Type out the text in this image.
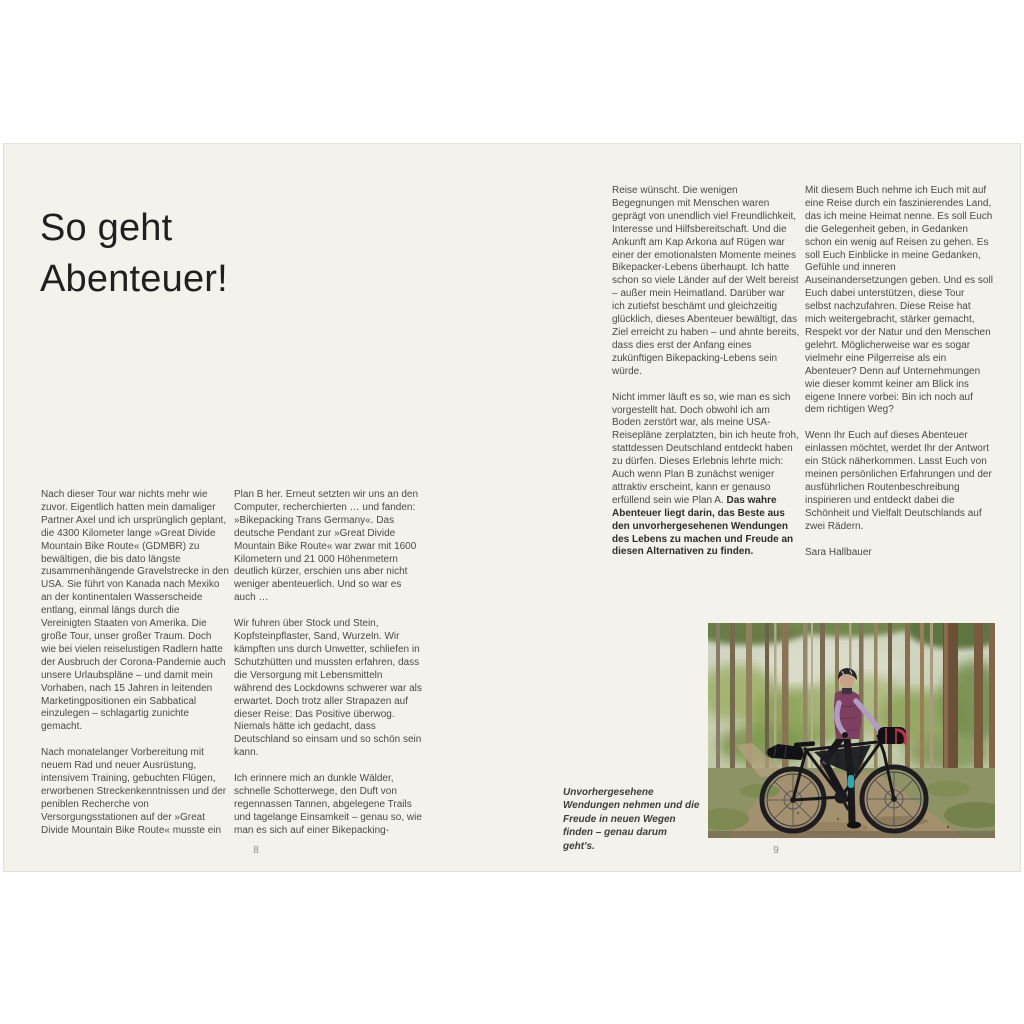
So geht Abenteuer!

Nach dieser Tour war nichts mehr wie zuvor. Eigentlich hatten mein damaliger Partner Axel und ich ursprünglich geplant, die 4300 Kilometer lange »Great Divide Mountain Bike Route« (GDMBR) zu bewältigen, die bis dato längste zusammenhängende Gravelstrecke in den USA. Sie führt von Kanada nach Mexiko an der kontinentalen Wasserscheide entlang, einmal längs durch die Vereinigten Staaten von Amerika. Die große Tour, unser großer Traum. Doch wie bei vielen reiselustigen Radlern hatte der Ausbruch der Corona-Pandemie auch unsere Urlaubspläne – und damit mein Vorhaben, nach 15 Jahren in leitenden Marketingpositionen ein Sabbatical einzulegen – schlagartig zunichte gemacht.

Nach monatelanger Vorbereitung mit neuem Rad und neuer Ausrüstung, intensivem Training, gebuchten Flügen, erworbenen Streckenkenntnissen und der peniblen Recherche von Versorgungsstationen auf der »Great Divide Mountain Bike Route« musste ein

Plan B her. Erneut setzten wir uns an den Computer, recherchierten … und fanden: »Bikepacking Trans Germany«. Das deutsche Pendant zur »Great Divide Mountain Bike Route« war zwar mit 1600 Kilometern und 21 000 Höhenmetern deutlich kürzer, erschien uns aber nicht weniger abenteuerlich. Und so war es auch …

Wir fuhren über Stock und Stein, Kopfsteinpflaster, Sand, Wurzeln. Wir kämpften uns durch Unwetter, schliefen in Schutzhütten und mussten erfahren, dass die Versorgung mit Lebensmitteln während des Lockdowns schwerer war als erwartet. Doch trotz aller Strapazen auf dieser Reise: Das Positive überwog. Niemals hätte ich gedacht, dass Deutschland so einsam und so schön sein kann.

Ich erinnere mich an dunkle Wälder, schnelle Schotterwege, den Duft von regennassen Tannen, abgelegene Trails und tagelange Einsamkeit – genau so, wie man es sich auf einer Bikepacking-

8

Reise wünscht. Die wenigen Begegnungen mit Menschen waren geprägt von unendlich viel Freundlichkeit, Interesse und Hilfsbereitschaft. Und die Ankunft am Kap Arkona auf Rügen war einer der emotionalsten Momente meines Bikepacker-Lebens überhaupt. Ich hatte schon so viele Länder auf der Welt bereist – außer mein Heimatland. Darüber war ich zutiefst beschämt und gleichzeitig glücklich, dieses Abenteuer bewältigt, das Ziel erreicht zu haben – und ahnte bereits, dass dies erst der Anfang eines zukünftigen Bikepacking-Lebens sein würde.

Nicht immer läuft es so, wie man es sich vorgestellt hat. Doch obwohl ich am Boden zerstört war, als meine USA-Reisepläne zerplatzten, bin ich heute froh, stattdessen Deutschland entdeckt haben zu dürfen. Dieses Erlebnis lehrte mich: Auch wenn Plan B zunächst weniger attraktiv erscheint, kann er genauso erfüllend sein wie Plan A. Das wahre Abenteuer liegt darin, das Beste aus den unvorhergesehenen Wendungen des Lebens zu machen und Freude an diesen Alternativen zu finden.

Mit diesem Buch nehme ich Euch mit auf eine Reise durch ein faszinierendes Land, das ich meine Heimat nenne. Es soll Euch die Gelegenheit geben, in Gedanken schon ein wenig auf Reisen zu gehen. Es soll Euch Einblicke in meine Gedanken, Gefühle und inneren Auseinandersetzungen geben. Und es soll Euch dabei unterstützen, diese Tour selbst nachzufahren. Diese Reise hat mich weitergebracht, stärker gemacht, Respekt vor der Natur und den Menschen gelehrt. Möglicherweise war es sogar vielmehr eine Pilgerreise als ein Abenteuer? Denn auf Unternehmungen wie dieser kommt keiner am Blick ins eigene Innere vorbei: Bin ich noch auf dem richtigen Weg?

Wenn Ihr Euch auf dieses Abenteuer einlassen möchtet, werdet Ihr der Antwort ein Stück näherkommen. Lasst Euch von meinen persönlichen Erfahrungen und der ausführlichen Routenbeschreibung inspirieren und entdeckt dabei die Schönheit und Vielfalt Deutschlands auf zwei Rädern.

Sara Hallbauer

Unvorhergesehene Wendungen nehmen und die Freude in neuen Wegen finden – genau darum geht's.	9
